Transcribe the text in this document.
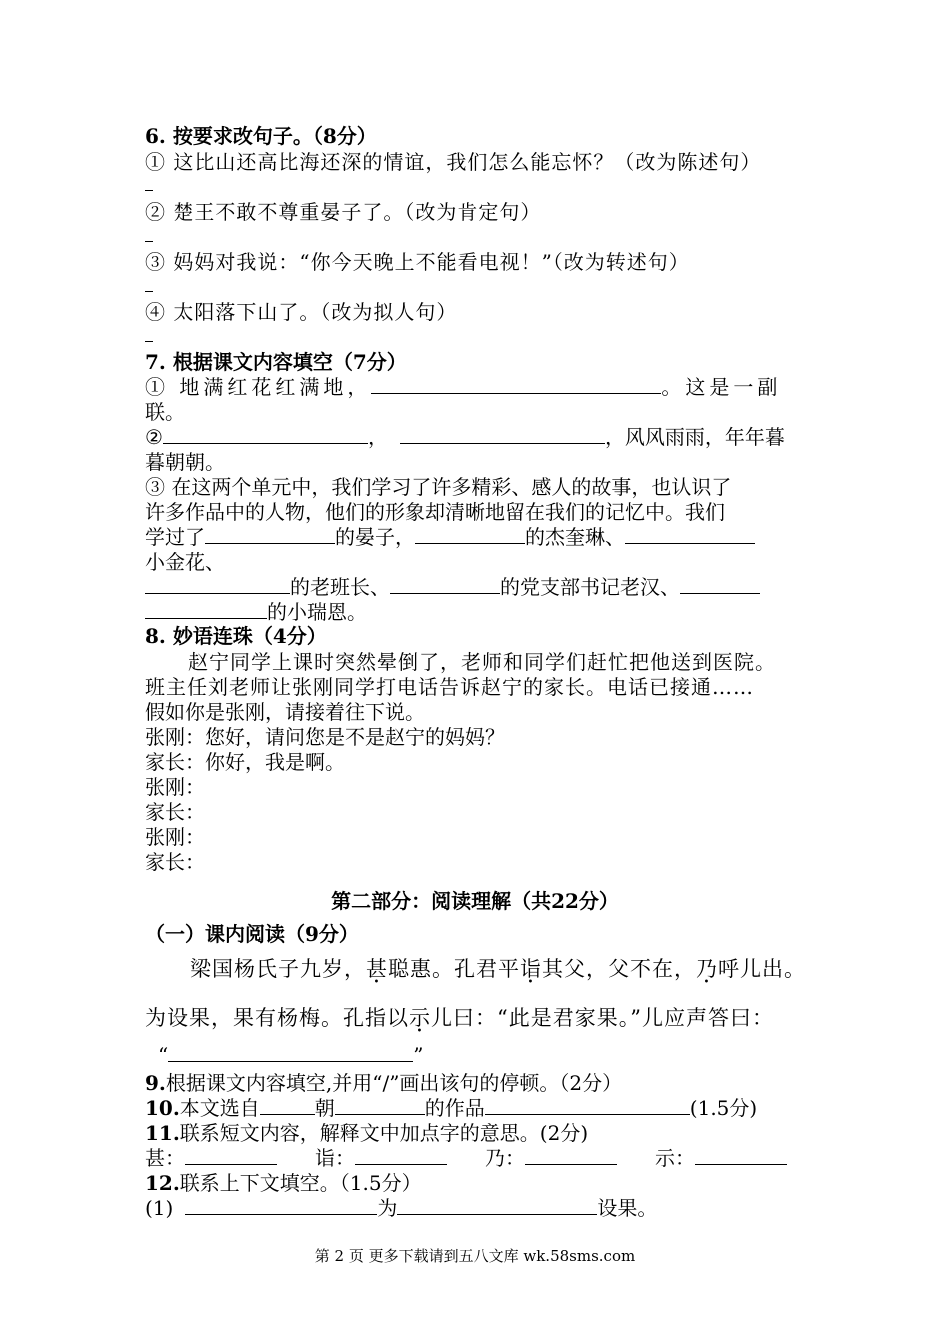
6. 按要求改句子。（8分）
① 这比山还高比海还深的情谊，我们怎么能忘怀？（改为陈述句）
② 楚王不敢不尊重晏子了。（改为肯定句）
③ 妈妈对我说：“你今天晚上不能看电视！”（改为转述句）
④ 太阳落下山了。（改为拟人句）
7. 根据课文内容填空（7分）
① 地满红花红满地，	。这是一副
联。
②	，	，风风雨雨，年年暮
暮朝朝。
③ 在这两个单元中，我们学习了许多精彩、感人的故事，也认识了
许多作品中的人物，他们的形象却清晰地留在我们的记忆中。我们
学过了	的晏子，	的杰奎琳、
小金花、
的老班长、	的党支部书记老汉、
的小瑞恩。
8. 妙语连珠（4分）
赵宁同学上课时突然晕倒了，老师和同学们赶忙把他送到医院。
班主任刘老师让张刚同学打电话告诉赵宁的家长。电话已接通……
假如你是张刚，请接着往下说。
张刚：您好，请问您是不是赵宁的妈妈？
家长：你好，我是啊。
张刚：
家长：
张刚：
家长：
第二部分：阅读理解（共22分）
（一）课内阅读（9分）
梁国杨氏子九岁，甚聪惠。孔君平诣其父，父不在，乃呼儿出。
为设果，果有杨梅。孔指以示儿曰：“此是君家果。”儿应声答曰：
“	”
9.根据课文内容填空,并用“/”画出该句的停顿。（2分）
10.本文选自	朝	的作品	(1.5分)
11.联系短文内容，解释文中加点字的意思。(2分)
甚：	诣：	乃：	示：
12.联系上下文填空。（1.5分）
(1)	为	设果。
第 2 页 更多下载请到五八文库 wk.58sms.com
